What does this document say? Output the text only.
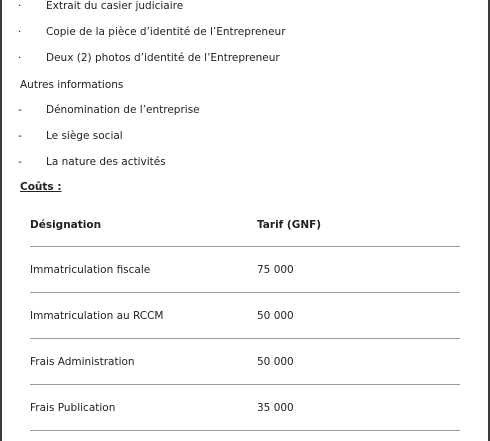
·	Extrait du casier judiciaire
·	Copie de la pièce d’identité de l’Entrepreneur
·	Deux (2) photos d’identité de l’Entrepreneur
Autres informations
-	Dénomination de l’entreprise
-	Le siège social
-	La nature des activités
Coûts :
Désignation	Tarif (GNF)
Immatriculation fiscale	75 000
Immatriculation au RCCM	50 000
Frais Administration	50 000
Frais Publication	35 000
